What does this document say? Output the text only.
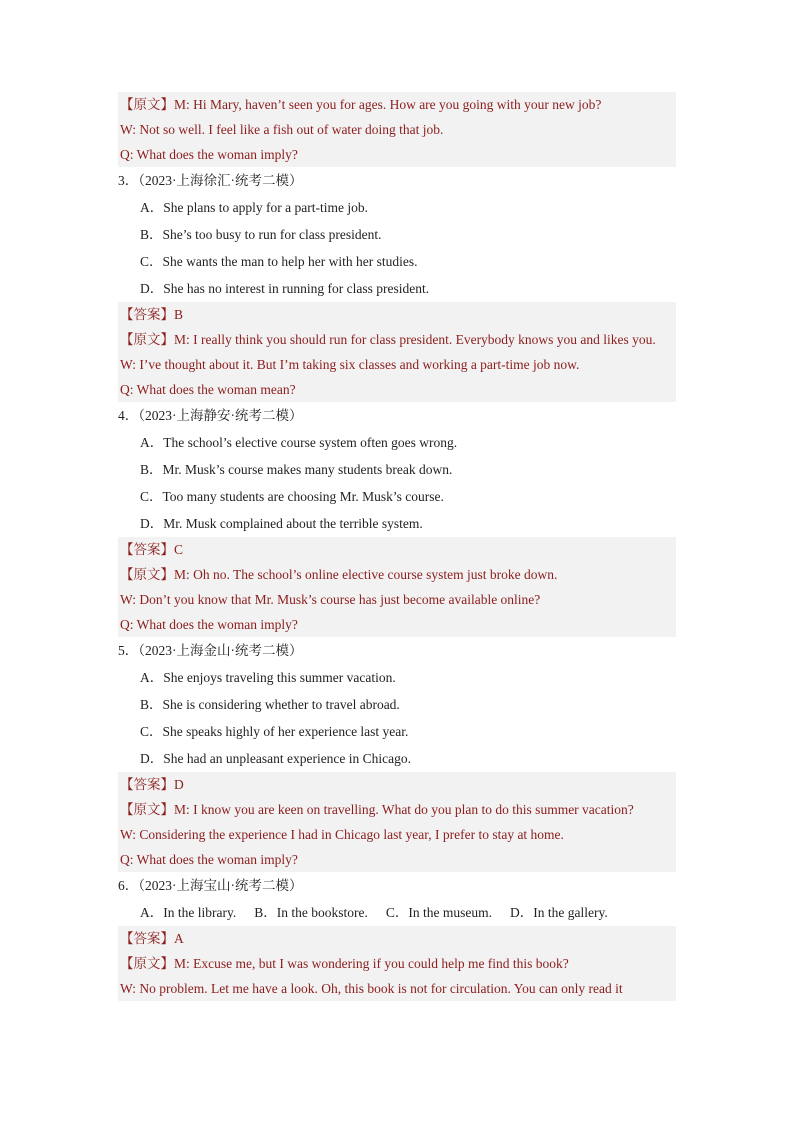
【原文】M: Hi Mary, haven’t seen you for ages. How are you going with your new job?
W: Not so well. I feel like a fish out of water doing that job.
Q: What does the woman imply?
3．（2023·上海徐汇·统考二模）
A．She plans to apply for a part-time job.
B．She’s too busy to run for class president.
C．She wants the man to help her with her studies.
D．She has no interest in running for class president.
【答案】B
【原文】M: I really think you should run for class president. Everybody knows you and likes you.
W: I’ve thought about it. But I’m taking six classes and working a part-time job now.
Q: What does the woman mean?
4．（2023·上海静安·统考二模）
A．The school’s elective course system often goes wrong.
B．Mr. Musk’s course makes many students break down.
C．Too many students are choosing Mr. Musk’s course.
D．Mr. Musk complained about the terrible system.
【答案】C
【原文】M: Oh no. The school’s online elective course system just broke down.
W: Don’t you know that Mr. Musk’s course has just become available online?
Q: What does the woman imply?
5．（2023·上海金山·统考二模）
A．She enjoys traveling this summer vacation.
B．She is considering whether to travel abroad.
C．She speaks highly of her experience last year.
D．She had an unpleasant experience in Chicago.
【答案】D
【原文】M: I know you are keen on travelling. What do you plan to do this summer vacation?
W: Considering the experience I had in Chicago last year, I prefer to stay at home.
Q: What does the woman imply?
6．（2023·上海宝山·统考二模）
A．In the library. B．In the bookstore. C．In the museum. D．In the gallery.
【答案】A
【原文】M: Excuse me, but I was wondering if you could help me find this book?
W: No problem. Let me have a look. Oh, this book is not for circulation. You can only read it
